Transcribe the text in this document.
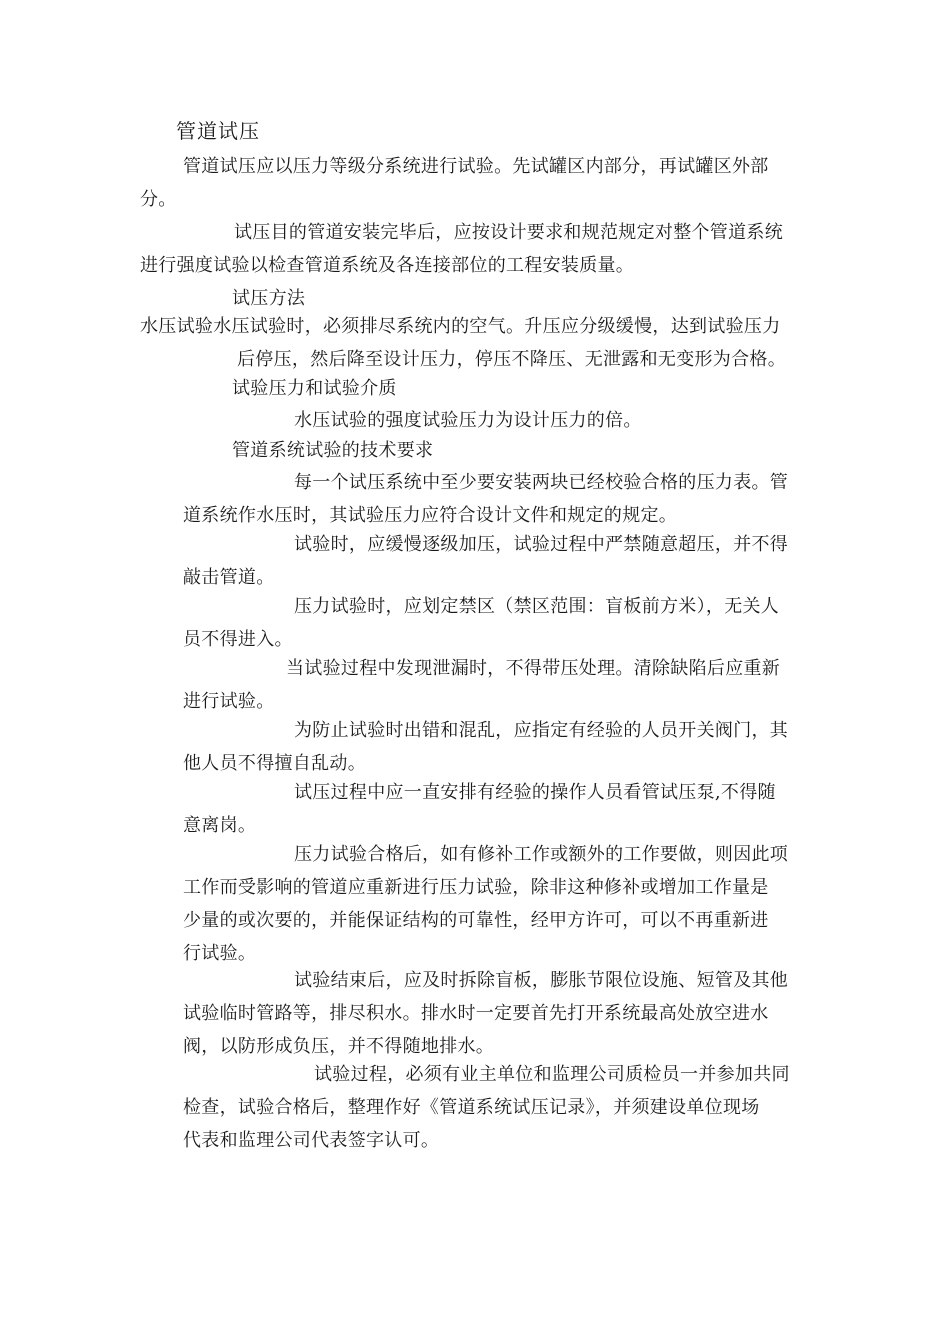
管道试压
管道试压应以压力等级分系统进行试验。先试罐区内部分，再试罐区外部
分。
试压目的管道安装完毕后，应按设计要求和规范规定对整个管道系统
进行强度试验以检查管道系统及各连接部位的工程安装质量。
试压方法
水压试验水压试验时，必须排尽系统内的空气。升压应分级缓慢，达到试验压力
后停压，然后降至设计压力，停压不降压、无泄露和无变形为合格。
试验压力和试验介质
水压试验的强度试验压力为设计压力的倍。
管道系统试验的技术要求
每一个试压系统中至少要安装两块已经校验合格的压力表。管
道系统作水压时，其试验压力应符合设计文件和规定的规定。
试验时，应缓慢逐级加压，试验过程中严禁随意超压，并不得
敲击管道。
压力试验时，应划定禁区（禁区范围：盲板前方米），无关人
员不得进入。
当试验过程中发现泄漏时，不得带压处理。清除缺陷后应重新
进行试验。
为防止试验时出错和混乱，应指定有经验的人员开关阀门，其
他人员不得擅自乱动。
试压过程中应一直安排有经验的操作人员看管试压泵,不得随
意离岗。
压力试验合格后，如有修补工作或额外的工作要做，则因此项
工作而受影响的管道应重新进行压力试验，除非这种修补或增加工作量是
少量的或次要的，并能保证结构的可靠性，经甲方许可，可以不再重新进
行试验。
试验结束后，应及时拆除盲板，膨胀节限位设施、短管及其他
试验临时管路等，排尽积水。排水时一定要首先打开系统最高处放空进水
阀，以防形成负压，并不得随地排水。
试验过程，必须有业主单位和监理公司质检员一并参加共同
检查，试验合格后，整理作好《管道系统试压记录》，并须建设单位现场
代表和监理公司代表签字认可。
